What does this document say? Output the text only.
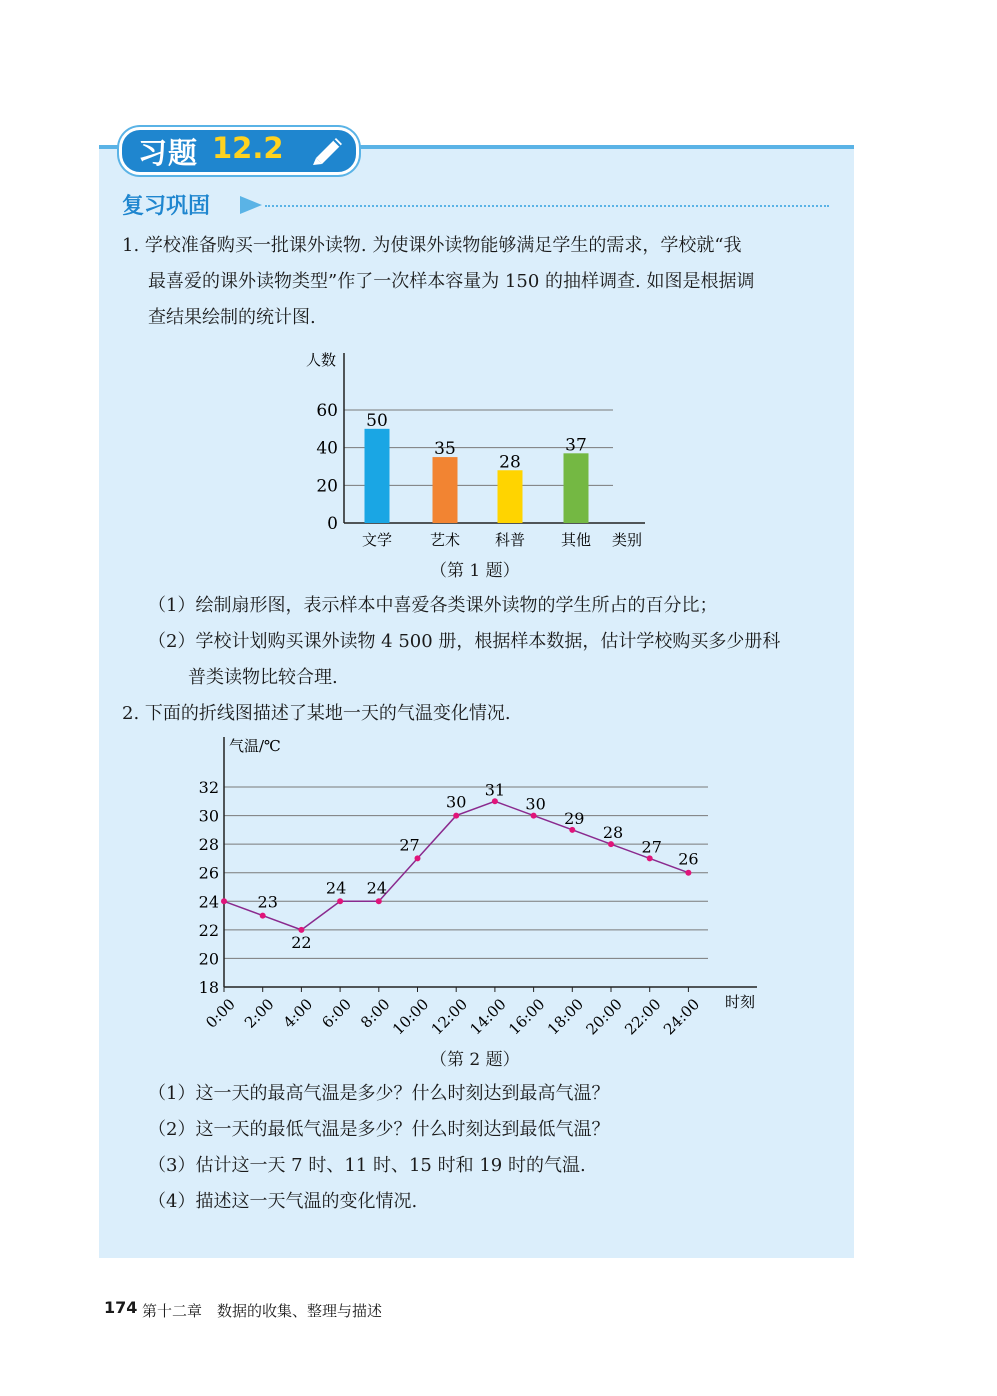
习题 12.2
复习巩固
1. 学校准备购买一批课外读物. 为使课外读物能够满足学生的需求，学校就“我
最喜爱的课外读物类型”作了一次样本容量为 150 的抽样调查. 如图是根据调
查结果绘制的统计图.
0
20
40
60
文学	艺术 科普 其他
50
35
28
37
人数
类别
（第 1 题）
（1）绘制扇形图，表示样本中喜爱各类课外读物的学生所占的百分比；
（2）学校计划购买课外读物 4 500 册，根据样本数据，估计学校购买多少册科
普类读物比较合理.
2. 下面的折线图描述了某地一天的气温变化情况.
18
20
22
24
26
28
30
32
0:00 2:00 4:00 6:00 8:00
10:00
12:00
14:00
16:00
18:00
20:00
22:00
24:00
23
22
24 24
27
30
31
30
29
28
27
26
气温/℃
时刻
（第 2 题）
（1）这一天的最高气温是多少？什么时刻达到最高气温？
（2）这一天的最低气温是多少？什么时刻达到最低气温？
（3）估计这一天 7 时、11 时、15 时和 19 时的气温.
（4）描述这一天气温的变化情况.
174 第十二章　数据的收集、整理与描述
